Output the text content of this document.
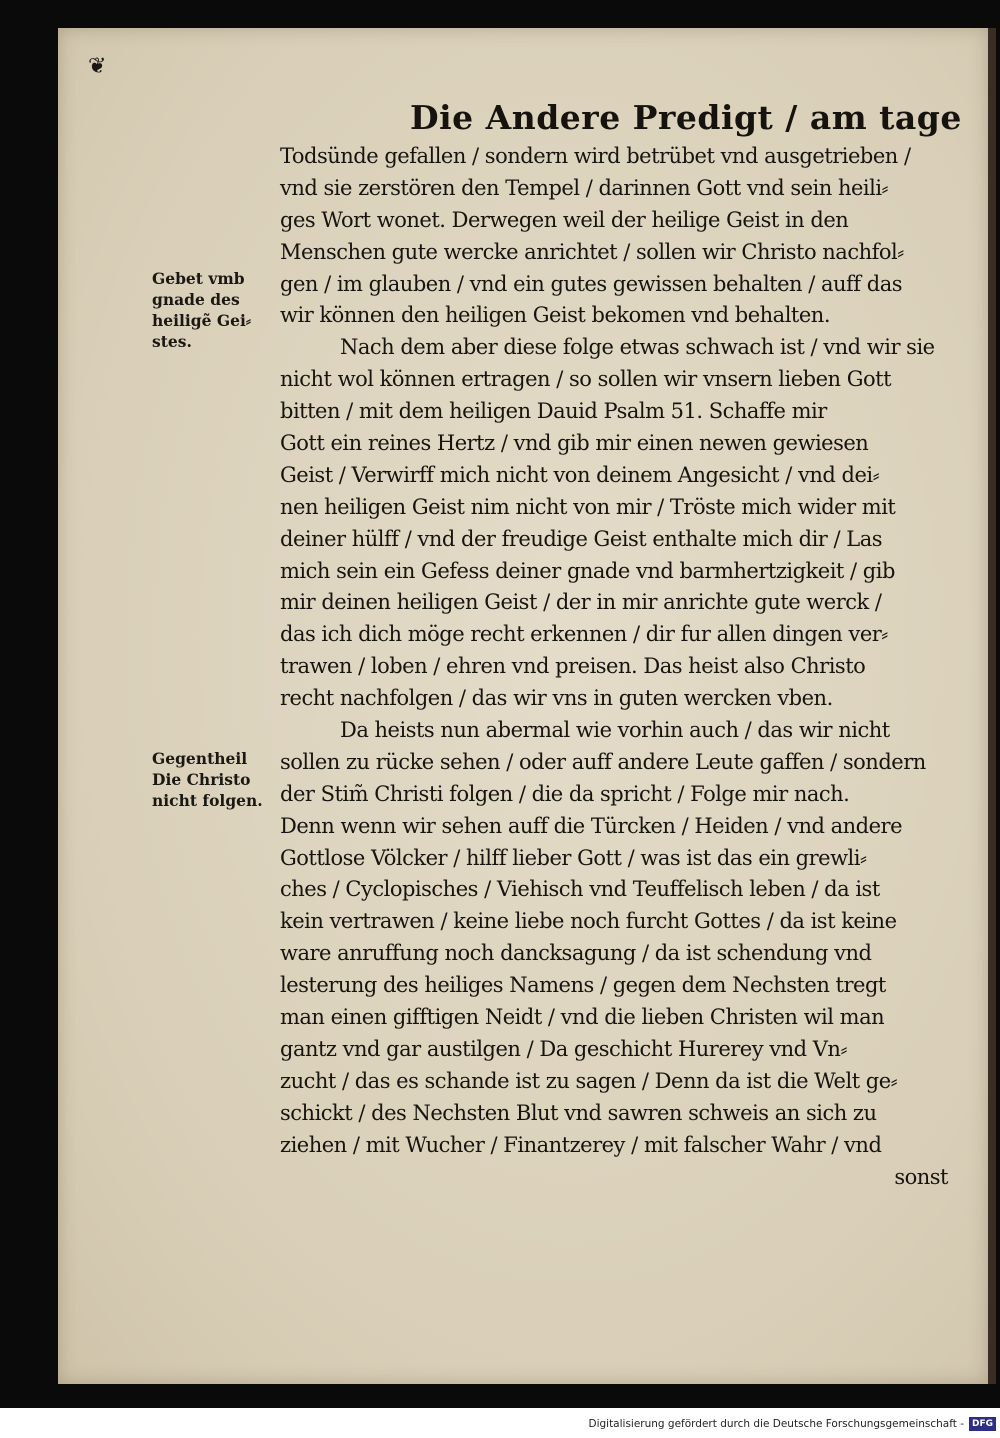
❦
Die Andere Predigt / am tage
Gebet vmb
gnade des
heiligẽ Gei⸗
stes.
Gegentheil
Die Christo
nicht folgen.
Todsünde gefallen / sondern wird betrübet vnd ausgetrieben /
vnd sie zerstören den Tempel / darinnen Gott vnd sein heili⸗
ges Wort wonet. Derwegen weil der heilige Geist in den
Menschen gute wercke anrichtet / sollen wir Christo nachfol⸗
gen / im glauben / vnd ein gutes gewissen behalten / auff das
wir können den heiligen Geist bekomen vnd behalten.
Nach dem aber diese folge etwas schwach ist / vnd wir sie
nicht wol können ertragen / so sollen wir vnsern lieben Gott
bitten / mit dem heiligen Dauid Psalm 51. Schaffe mir
Gott ein reines Hertz / vnd gib mir einen newen gewiesen
Geist / Verwirff mich nicht von deinem Angesicht / vnd dei⸗
nen heiligen Geist nim nicht von mir / Tröste mich wider mit
deiner hülff / vnd der freudige Geist enthalte mich dir / Las
mich sein ein Gefess deiner gnade vnd barmhertzigkeit / gib
mir deinen heiligen Geist / der in mir anrichte gute werck /
das ich dich möge recht erkennen / dir fur allen dingen ver⸗
trawen / loben / ehren vnd preisen. Das heist also Christo
recht nachfolgen / das wir vns in guten wercken vben.
Da heists nun abermal wie vorhin auch / das wir nicht
sollen zu rücke sehen / oder auff andere Leute gaffen / sondern
der Stim̃ Christi folgen / die da spricht / Folge mir nach.
Denn wenn wir sehen auff die Türcken / Heiden / vnd andere
Gottlose Völcker / hilff lieber Gott / was ist das ein grewli⸗
ches / Cyclopisches / Viehisch vnd Teuffelisch leben / da ist
kein vertrawen / keine liebe noch furcht Gottes / da ist keine
ware anruffung noch dancksagung / da ist schendung vnd
lesterung des heiliges Namens / gegen dem Nechsten tregt
man einen gifftigen Neidt / vnd die lieben Christen wil man
gantz vnd gar austilgen / Da geschicht Hurerey vnd Vn⸗
zucht / das es schande ist zu sagen / Denn da ist die Welt ge⸗
schickt / des Nechsten Blut vnd sawren schweis an sich zu
ziehen / mit Wucher / Finantzerey / mit falscher Wahr / vnd
sonst
Digitalisierung gefördert durch die Deutsche Forschungsgemeinschaft - DFG
